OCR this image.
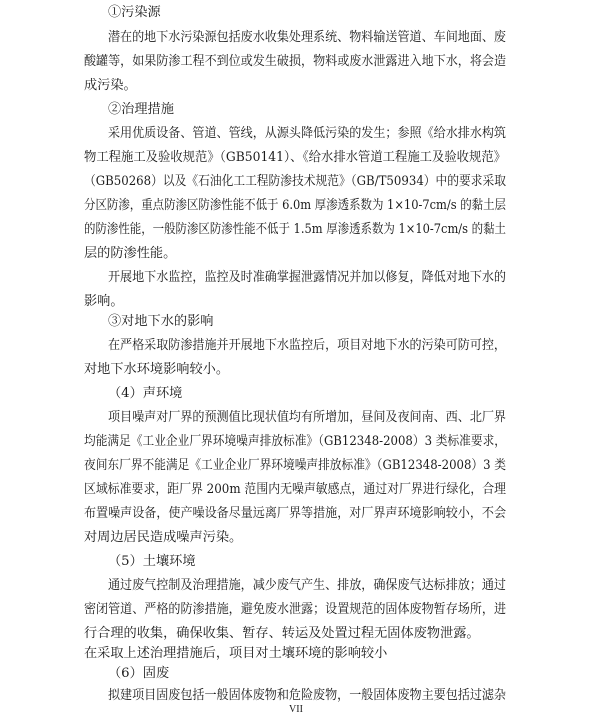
①污染源
潜在的地下水污染源包括废水收集处理系统、物料输送管道、车间地面、废
酸罐等，如果防渗工程不到位或发生破损，物料或废水泄露进入地下水，将会造
成污染。
②治理措施
采用优质设备、管道、管线，从源头降低污染的发生；参照《给水排水构筑
物工程施工及验收规范》（GB50141）、《给水排水管道工程施工及验收规范》
（GB50268）以及《石油化工工程防渗技术规范》（GB/T50934）中的要求采取
分区防渗，重点防渗区防渗性能不低于 6.0m 厚渗透系数为 1×10-7cm/s 的黏土层
的防渗性能，一般防渗区防渗性能不低于 1.5m 厚渗透系数为 1×10-7cm/s 的黏土
层的防渗性能。
开展地下水监控，监控及时准确掌握泄露情况并加以修复，降低对地下水的
影响。
③对地下水的影响
在严格采取防渗措施并开展地下水监控后，项目对地下水的污染可防可控，
对地下水环境影响较小。
（4）声环境
项目噪声对厂界的预测值比现状值均有所增加，昼间及夜间南、西、北厂界
均能满足《工业企业厂界环境噪声排放标准》（GB12348-2008）3 类标准要求，
夜间东厂界不能满足《工业企业厂界环境噪声排放标准》（GB12348-2008）3 类
区域标准要求，距厂界 200m 范围内无噪声敏感点，通过对厂界进行绿化，合理
布置噪声设备，使产噪设备尽量远离厂界等措施，对厂界声环境影响较小，不会
对周边居民造成噪声污染。
（5）土壤环境
通过废气控制及治理措施，减少废气产生、排放，确保废气达标排放；通过
密闭管道、严格的防渗措施，避免废水泄露；设置规范的固体废物暂存场所，进
行合理的收集，确保收集、暂存、转运及处置过程无固体废物泄露。
在采取上述治理措施后，项目对土壤环境的影响较小
（6）固废
拟建项目固废包括一般固体废物和危险废物，一般固体废物主要包括过滤杂
VII
